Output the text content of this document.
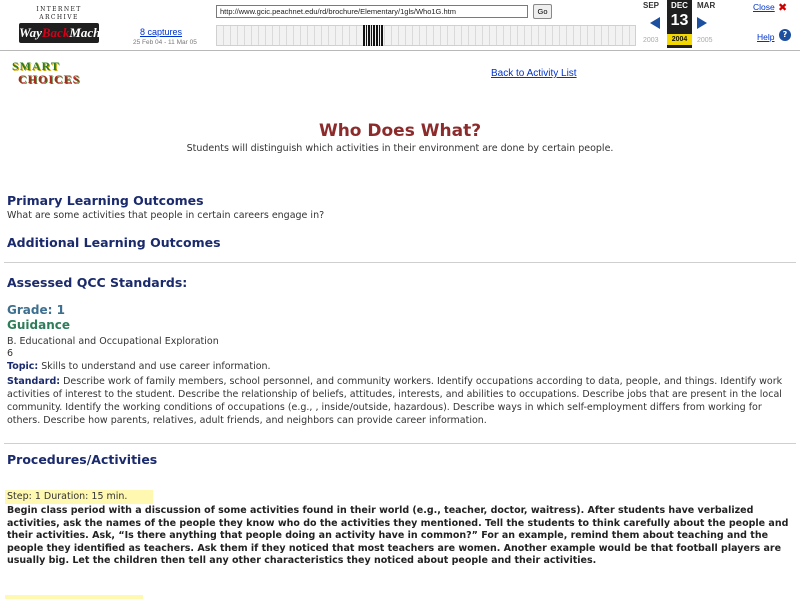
INTERNET ARCHIVE
WayBackMachine	8 captures
25 Feb 04 - 11 Mar 05
http://www.gcic.peachnet.edu/rd/brochure/Elementary/1gls/Who1G.htm
Go
SEP	MAR
2003	2005
DEC
13
2004
Close ✖
Help	?
SMART
CHOICES	Back to Activity List
Who Does What?
Students will distinguish which activities in their environment are done by certain people.
Primary Learning Outcomes

What are some activities that people in certain careers engage in?

Additional Learning Outcomes
Assessed QCC Standards:
Grade: 1
Guidance

B. Educational and Occupational Exploration

6

Topic: Skills to understand and use career information.

Standard: Describe work of family members, school personnel, and community workers. Identify occupations according to data, people, and things. Identify work activities of interest to the student. Describe the relationship of beliefs, attitudes, interests, and abilities to occupations. Describe jobs that are present in the local community. Identify the working conditions of occupations (e.g., , inside/outside, hazardous). Describe ways in which self-employment differs from working for others. Describe how parents, relatives, adult friends, and neighbors can provide career information.
Procedures/Activities
Step: 1 Duration: 15 min.

Begin class period with a discussion of some activities found in their world (e.g., teacher, doctor, waitress). After students have verbalized activities, ask the names of the people they know who do the activities they mentioned. Tell the students to think carefully about the people and their activities. Ask, “Is there anything that people doing an activity have in common?” For an example, remind them about teaching and the people they identified as teachers. Ask them if they noticed that most teachers are women. Another example would be that football players are usually big. Let the children then tell any other characteristics they noticed about people and their activities.
